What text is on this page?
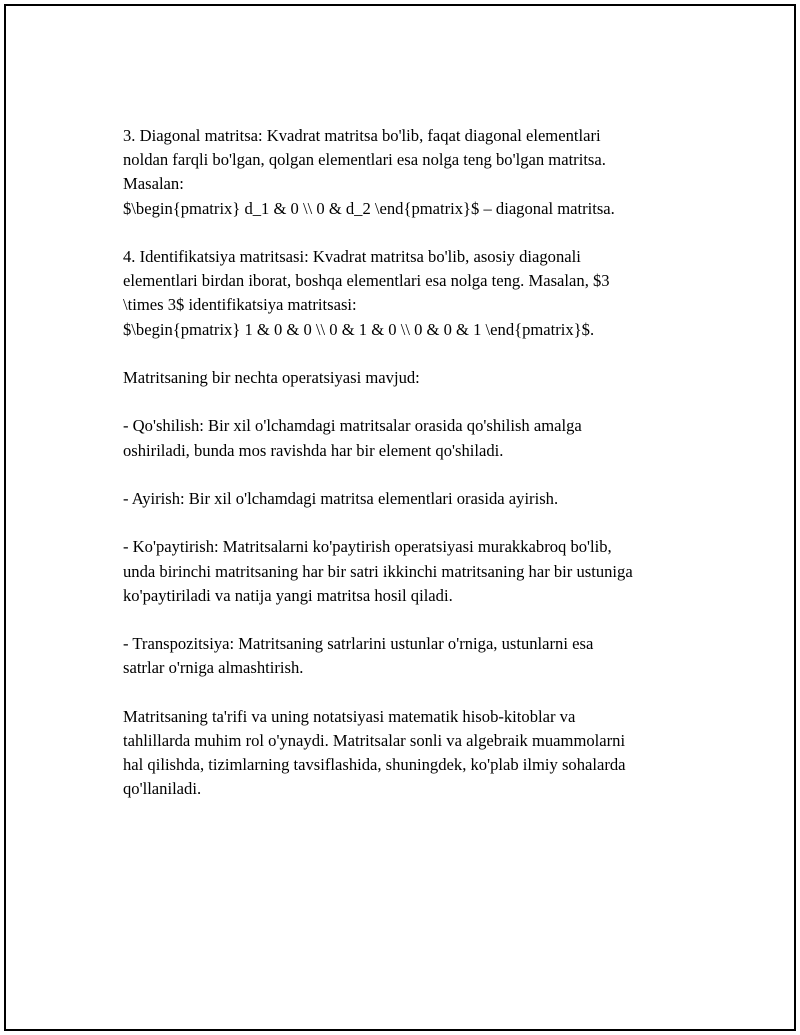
3. Diagonal matritsa: Kvadrat matritsa bo'lib, faqat diagonal elementlari
noldan farqli bo'lgan, qolgan elementlari esa nolga teng bo'lgan matritsa.
Masalan:
$\begin{pmatrix} d_1 & 0 \\ 0 & d_2 \end{pmatrix}$ – diagonal matritsa.

4. Identifikatsiya matritsasi: Kvadrat matritsa bo'lib, asosiy diagonali
elementlari birdan iborat, boshqa elementlari esa nolga teng. Masalan, $3
\times 3$ identifikatsiya matritsasi:
$\begin{pmatrix} 1 & 0 & 0 \\ 0 & 1 & 0 \\ 0 & 0 & 1 \end{pmatrix}$.

Matritsaning bir nechta operatsiyasi mavjud:

- Qo'shilish: Bir xil o'lchamdagi matritsalar orasida qo'shilish amalga
oshiriladi, bunda mos ravishda har bir element qo'shiladi.

- Ayirish: Bir xil o'lchamdagi matritsa elementlari orasida ayirish.

- Ko'paytirish: Matritsalarni ko'paytirish operatsiyasi murakkabroq bo'lib,
unda birinchi matritsaning har bir satri ikkinchi matritsaning har bir ustuniga
ko'paytiriladi va natija yangi matritsa hosil qiladi.

- Transpozitsiya: Matritsaning satrlarini ustunlar o'rniga, ustunlarni esa
satrlar o'rniga almashtirish.

Matritsaning ta'rifi va uning notatsiyasi matematik hisob-kitoblar va
tahlillarda muhim rol o'ynaydi. Matritsalar sonli va algebraik muammolarni
hal qilishda, tizimlarning tavsiflashida, shuningdek, ko'plab ilmiy sohalarda
qo'llaniladi.
